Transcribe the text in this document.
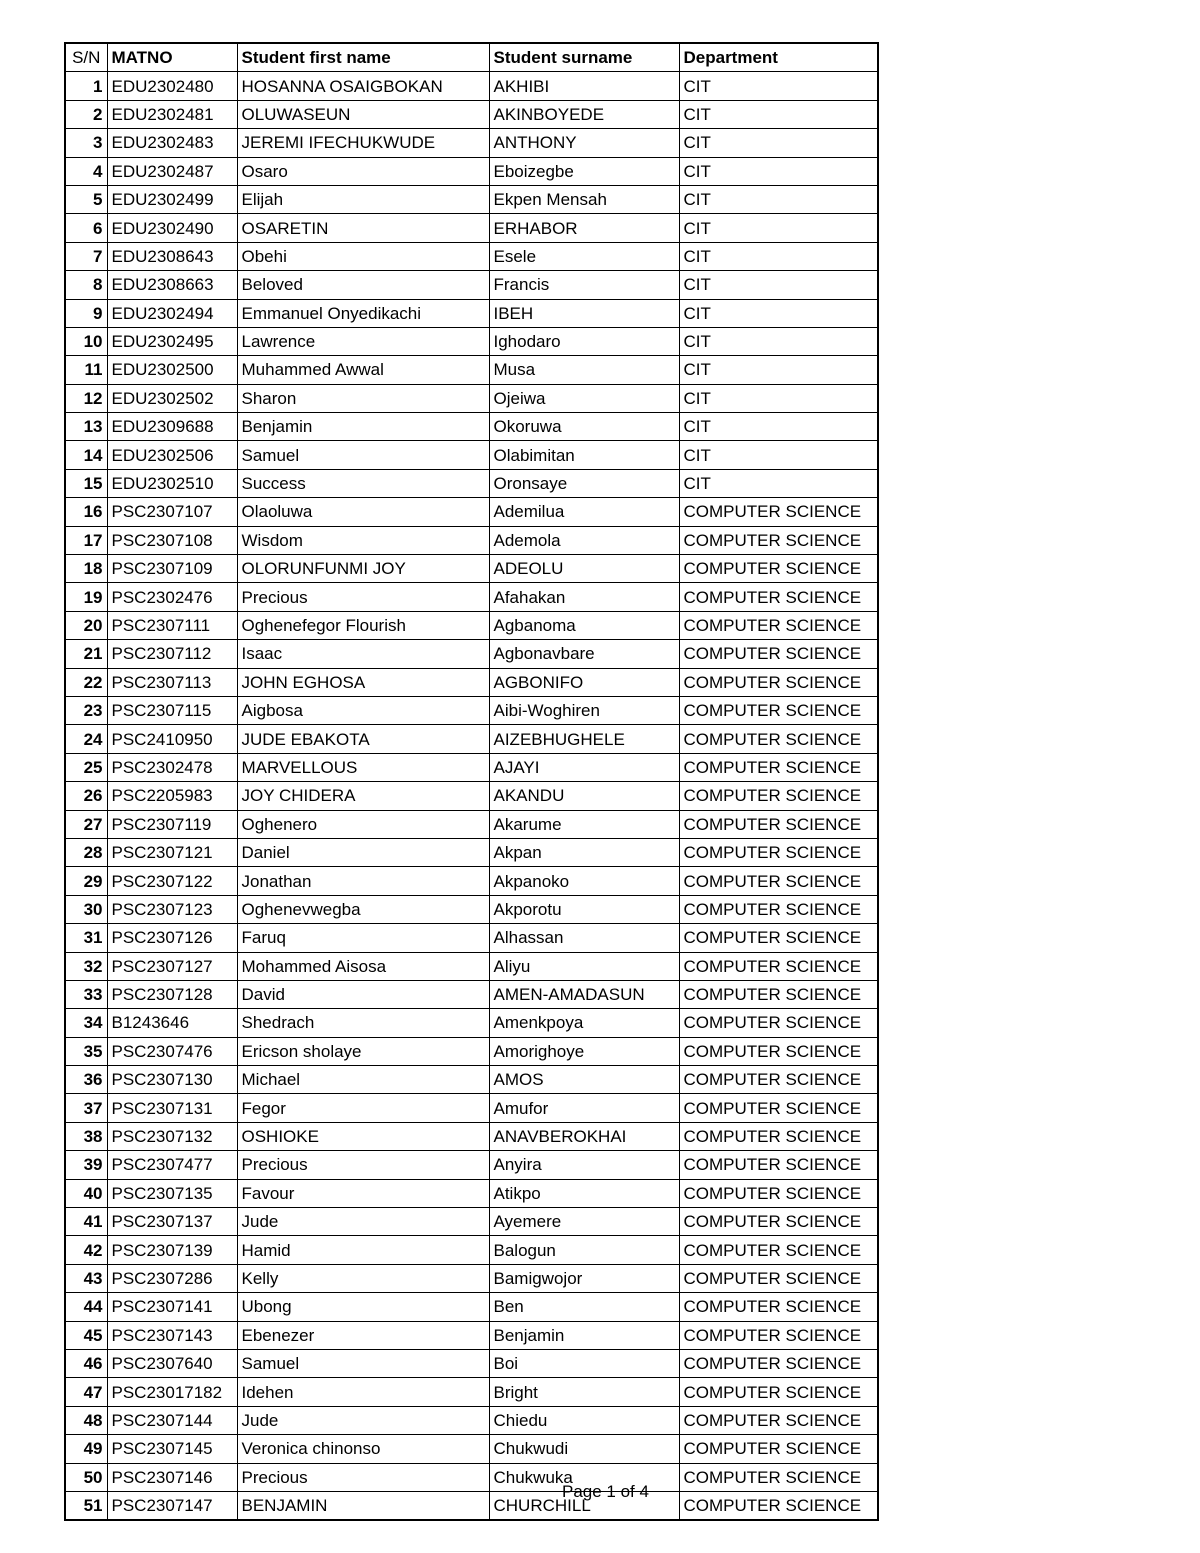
S/N	MATNO	Student first name	Student surname	Department
1	EDU2302480	HOSANNA OSAIGBOKAN	AKHIBI	CIT
2	EDU2302481	OLUWASEUN	AKINBOYEDE	CIT
3	EDU2302483	JEREMI IFECHUKWUDE	ANTHONY	CIT
4	EDU2302487	Osaro	Eboizegbe	CIT
5	EDU2302499	Elijah	Ekpen Mensah	CIT
6	EDU2302490	OSARETIN	ERHABOR	CIT
7	EDU2308643	Obehi	Esele	CIT
8	EDU2308663	Beloved	Francis	CIT
9	EDU2302494	Emmanuel Onyedikachi	IBEH	CIT
10	EDU2302495	Lawrence	Ighodaro	CIT
11	EDU2302500	Muhammed Awwal	Musa	CIT
12	EDU2302502	Sharon	Ojeiwa	CIT
13	EDU2309688	Benjamin	Okoruwa	CIT
14	EDU2302506	Samuel	Olabimitan	CIT
15	EDU2302510	Success	Oronsaye	CIT
16	PSC2307107	Olaoluwa	Ademilua	COMPUTER SCIENCE
17	PSC2307108	Wisdom	Ademola	COMPUTER SCIENCE
18	PSC2307109	OLORUNFUNMI JOY	ADEOLU	COMPUTER SCIENCE
19	PSC2302476	Precious	Afahakan	COMPUTER SCIENCE
20	PSC2307111	Oghenefegor Flourish	Agbanoma	COMPUTER SCIENCE
21	PSC2307112	Isaac	Agbonavbare	COMPUTER SCIENCE
22	PSC2307113	JOHN EGHOSA	AGBONIFO	COMPUTER SCIENCE
23	PSC2307115	Aigbosa	Aibi-Woghiren	COMPUTER SCIENCE
24	PSC2410950	JUDE EBAKOTA	AIZEBHUGHELE	COMPUTER SCIENCE
25	PSC2302478	MARVELLOUS	AJAYI	COMPUTER SCIENCE
26	PSC2205983	JOY CHIDERA	AKANDU	COMPUTER SCIENCE
27	PSC2307119	Oghenero	Akarume	COMPUTER SCIENCE
28	PSC2307121	Daniel	Akpan	COMPUTER SCIENCE
29	PSC2307122	Jonathan	Akpanoko	COMPUTER SCIENCE
30	PSC2307123	Oghenevwegba	Akporotu	COMPUTER SCIENCE
31	PSC2307126	Faruq	Alhassan	COMPUTER SCIENCE
32	PSC2307127	Mohammed Aisosa	Aliyu	COMPUTER SCIENCE
33	PSC2307128	David	AMEN-AMADASUN	COMPUTER SCIENCE
34	B1243646	Shedrach	Amenkpoya	COMPUTER SCIENCE
35	PSC2307476	Ericson sholaye	Amorighoye	COMPUTER SCIENCE
36	PSC2307130	Michael	AMOS	COMPUTER SCIENCE
37	PSC2307131	Fegor	Amufor	COMPUTER SCIENCE
38	PSC2307132	OSHIOKE	ANAVBEROKHAI	COMPUTER SCIENCE
39	PSC2307477	Precious	Anyira	COMPUTER SCIENCE
40	PSC2307135	Favour	Atikpo	COMPUTER SCIENCE
41	PSC2307137	Jude	Ayemere	COMPUTER SCIENCE
42	PSC2307139	Hamid	Balogun	COMPUTER SCIENCE
43	PSC2307286	Kelly	Bamigwojor	COMPUTER SCIENCE
44	PSC2307141	Ubong	Ben	COMPUTER SCIENCE
45	PSC2307143	Ebenezer	Benjamin	COMPUTER SCIENCE
46	PSC2307640	Samuel	Boi	COMPUTER SCIENCE
47	PSC23017182	Idehen	Bright	COMPUTER SCIENCE
48	PSC2307144	Jude	Chiedu	COMPUTER SCIENCE
49	PSC2307145	Veronica chinonso	Chukwudi	COMPUTER SCIENCE
50	PSC2307146	Precious	Chukwuka	COMPUTER SCIENCE
51	PSC2307147	BENJAMIN	CHURCHILL	COMPUTER SCIENCE
Page 1 of 4
